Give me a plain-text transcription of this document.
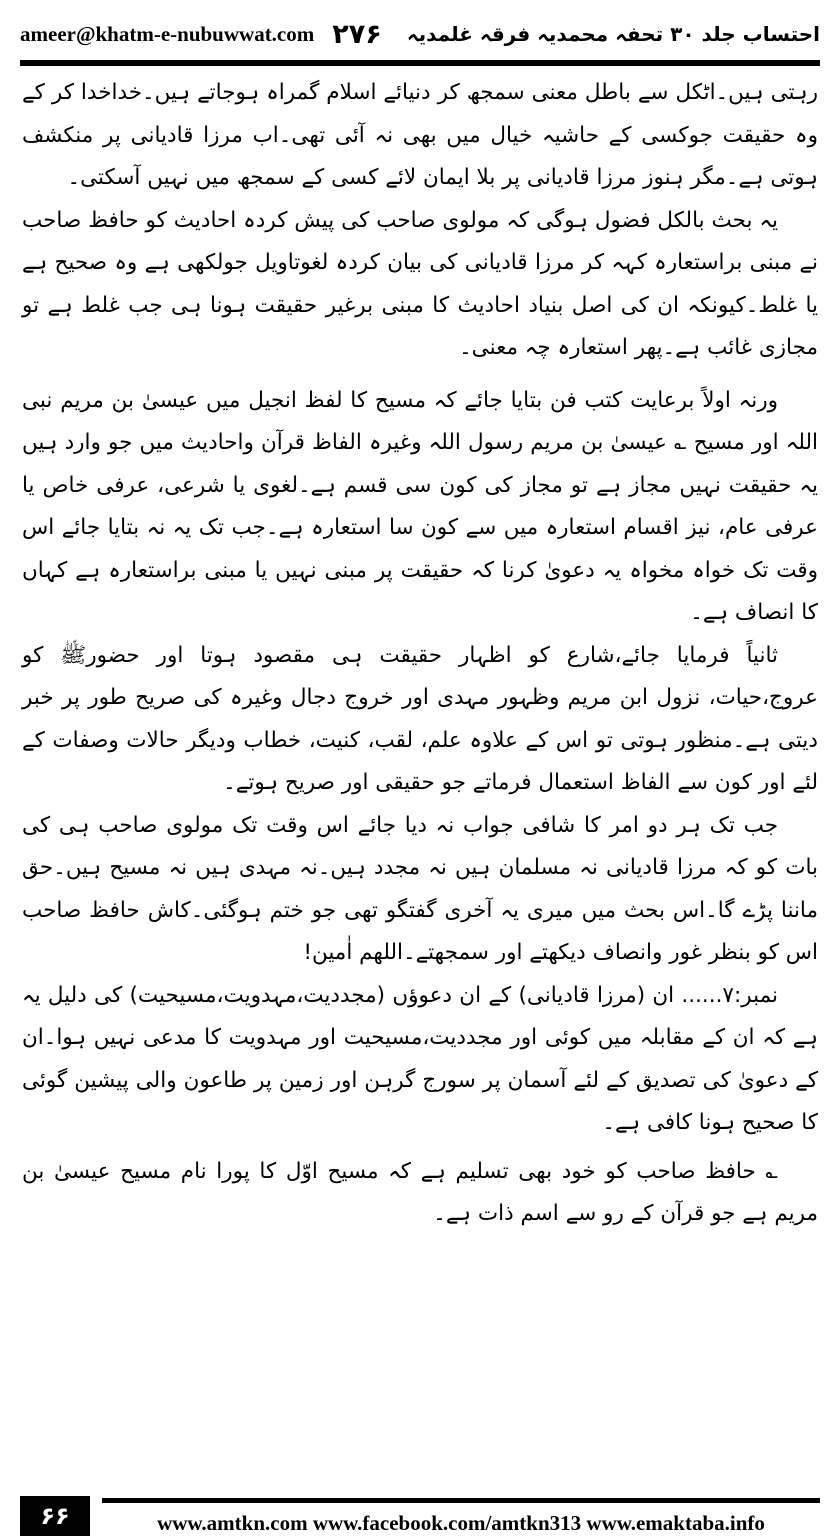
ameer@khatm-e-nubuwwat.com ۲۷۶ احتساب جلد ۳۰ تحفہ محمدیہ فرقہ غلمدیہ

رہتی ہیں۔اٹکل سے باطل معنی سمجھ کر دنیائے اسلام گمراہ ہوجاتے ہیں۔خداخدا کر کے وہ حقیقت جوکسی کے حاشیہ خیال میں بھی نہ آئی تھی۔اب مرزا قادیانی پر منکشف ہوتی ہے۔مگر ہنوز مرزا قادیانی پر بلا ایمان لائے کسی کے سمجھ میں نہیں آسکتی۔

یہ بحث بالکل فضول ہوگی کہ مولوی صاحب کی پیش کردہ احادیث کو حافظ صاحب نے مبنی براستعارہ کہہ کر مرزا قادیانی کی بیان کردہ لغوتاویل جولکھی ہے وہ صحیح ہے یا غلط۔کیونکہ ان کی اصل بنیاد احادیث کا مبنی برغیر حقیقت ہونا ہی جب غلط ہے تو مجازی غائب ہے۔پھر استعارہ چہ معنی۔

ورنہ اولاً برعایت کتب فن بتایا جائے کہ مسیح کا لفظ انجیل میں عیسیٰ بن مریم نبی اللہ اور مسیح ؎ عیسیٰ بن مریم رسول اللہ وغیرہ الفاظ قرآن واحادیث میں جو وارد ہیں یہ حقیقت نہیں مجاز ہے تو مجاز کی کون سی قسم ہے۔لغوی یا شرعی، عرفی خاص یا عرفی عام، نیز اقسام استعارہ میں سے کون سا استعارہ ہے۔جب تک یہ نہ بتایا جائے اس وقت تک خواہ مخواہ یہ دعویٰ کرنا کہ حقیقت پر مبنی نہیں یا مبنی براستعارہ ہے کہاں کا انصاف ہے۔

ثانیاً فرمایا جائے،شارع کو اظہار حقیقت ہی مقصود ہوتا اور حضورﷺ کو عروج،حیات، نزول ابن مریم وظہور مہدی اور خروج دجال وغیرہ کی صریح طور پر خبر دیتی ہے۔منظور ہوتی تو اس کے علاوہ علم، لقب، کنیت، خطاب ودیگر حالات وصفات کے لئے اور کون سے الفاظ استعمال فرماتے جو حقیقی اور صریح ہوتے۔

جب تک ہر دو امر کا شافی جواب نہ دیا جائے اس وقت تک مولوی صاحب ہی کی بات کو کہ مرزا قادیانی نہ مسلمان ہیں نہ مجدد ہیں۔نہ مہدی ہیں نہ مسیح ہیں۔حق ماننا پڑے گا۔اس بحث میں میری یہ آخری گفتگو تھی جو ختم ہوگئی۔کاش حافظ صاحب اس کو بنظر غور وانصاف دیکھتے اور سمجھتے۔اللھم اٰمین!

نمبر:۷...... ان (مرزا قادیانی) کے ان دعوؤں (مجددیت،مہدویت،مسیحیت) کی دلیل یہ ہے کہ ان کے مقابلہ میں کوئی اور مجددیت،مسیحیت اور مہدویت کا مدعی نہیں ہوا۔ان کے دعویٰ کی تصدیق کے لئے آسمان پر سورج گرہن اور زمین پر طاعون والی پیشین گوئی کا صحیح ہونا کافی ہے۔

؎ حافظ صاحب کو خود بھی تسلیم ہے کہ مسیح اوّل کا پورا نام مسیح عیسیٰ بن مریم ہے جو قرآن کے رو سے اسم ذات ہے۔

۶۶	www.amtkn.com www.facebook.com/amtkn313 www.emaktaba.info
